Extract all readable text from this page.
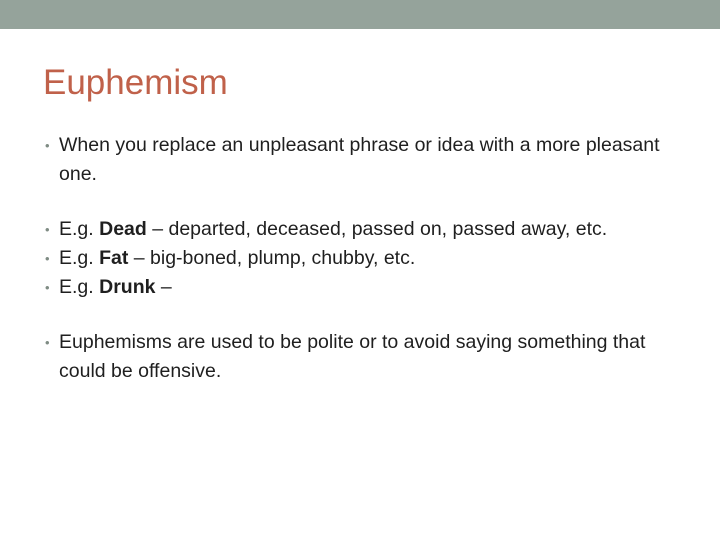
Euphemism
• When you replace an unpleasant phrase or idea with a more pleasant one.
• E.g. Dead – departed, deceased, passed on, passed away, etc.
• E.g. Fat – big-boned, plump, chubby, etc.
• E.g. Drunk –
• Euphemisms are used to be polite or to avoid saying something that could be offensive.
